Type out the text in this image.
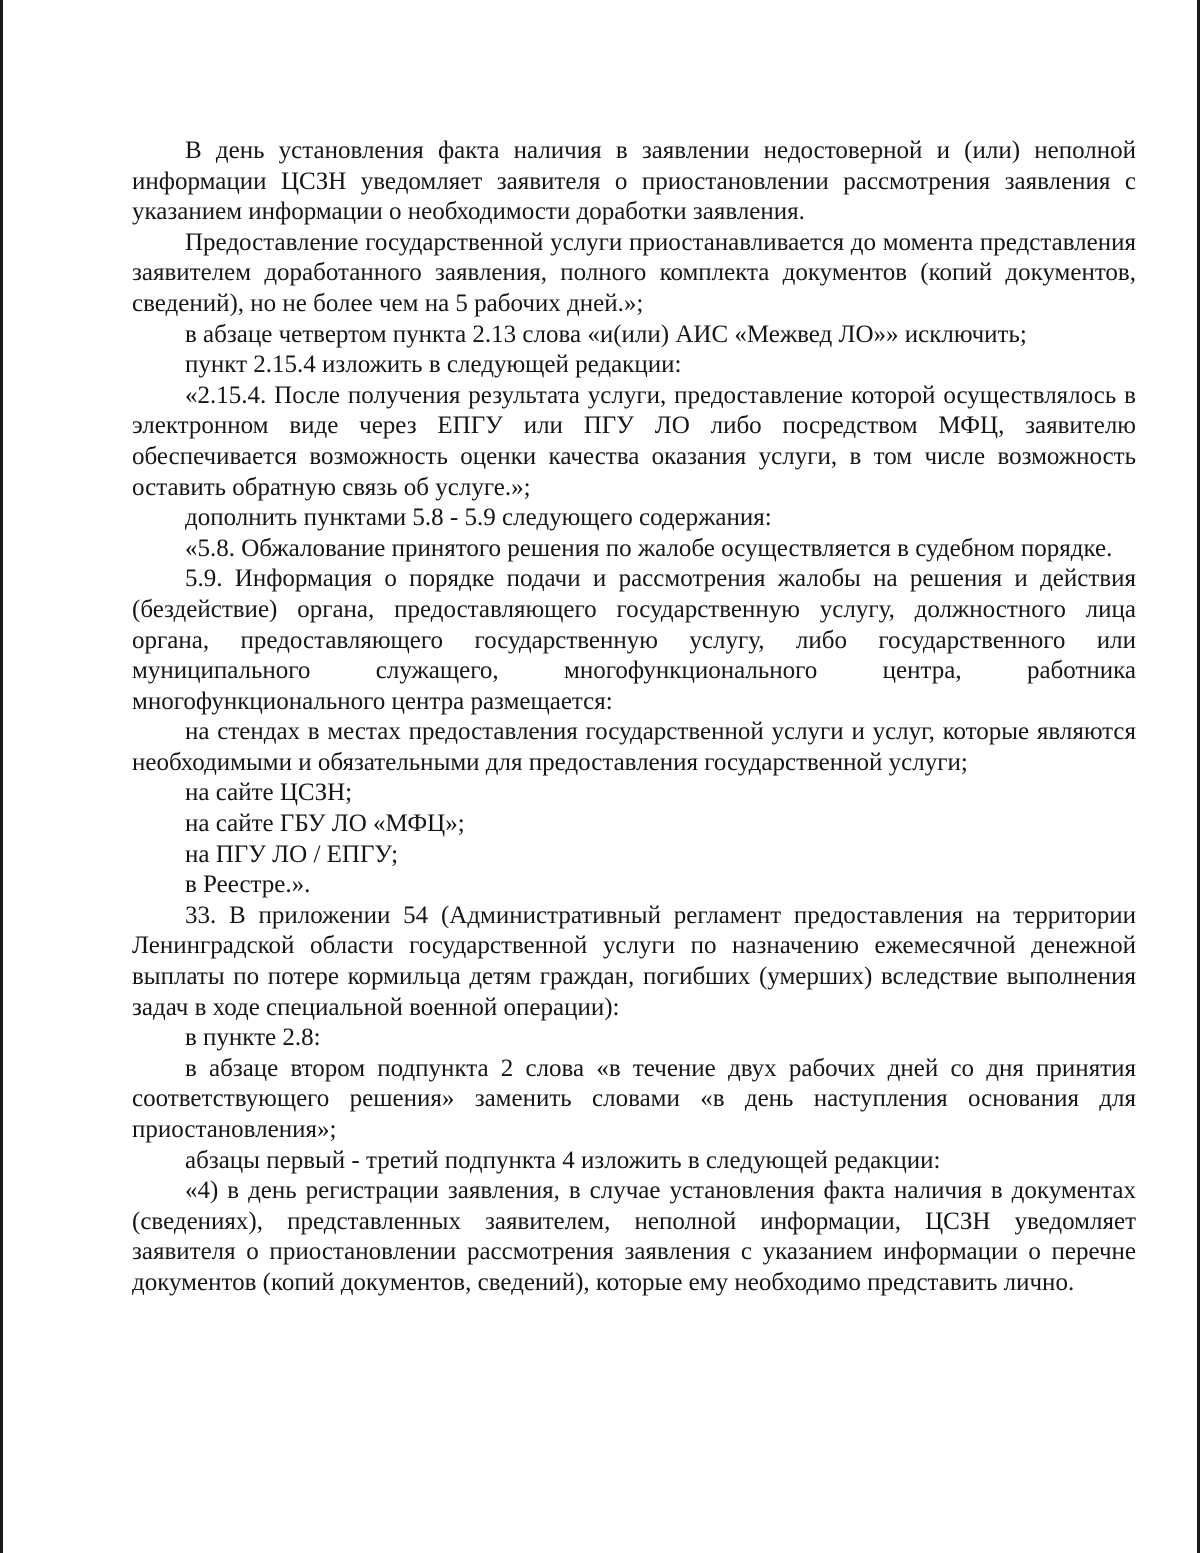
В день установления факта наличия в заявлении недостоверной и (или) неполной информации ЦСЗН уведомляет заявителя о приостановлении рассмотрения заявления с указанием информации о необходимости доработки заявления.

Предоставление государственной услуги приостанавливается до момента представления заявителем доработанного заявления, полного комплекта документов (копий документов, сведений), но не более чем на 5 рабочих дней.»;

в абзаце четвертом пункта 2.13 слова «и(или) АИС «Межвед ЛО»» исключить;

пункт 2.15.4 изложить в следующей редакции:

«2.15.4. После получения результата услуги, предоставление которой осуществлялось в электронном виде через ЕПГУ или ПГУ ЛО либо посредством МФЦ, заявителю обеспечивается возможность оценки качества оказания услуги, в том числе возможность оставить обратную связь об услуге.»;

дополнить пунктами 5.8 - 5.9 следующего содержания:

«5.8. Обжалование принятого решения по жалобе осуществляется в судебном порядке.

5.9. Информация о порядке подачи и рассмотрения жалобы на решения и действия (бездействие) органа, предоставляющего государственную услугу, должностного лица органа, предоставляющего государственную услугу, либо государственного или муниципального служащего, многофункционального центра, работника многофункционального центра размещается:

на стендах в местах предоставления государственной услуги и услуг, которые являются необходимыми и обязательными для предоставления государственной услуги;

на сайте ЦСЗН;

на сайте ГБУ ЛО «МФЦ»;

на ПГУ ЛО / ЕПГУ;

в Реестре.».

33. В приложении 54 (Административный регламент предоставления на территории Ленинградской области государственной услуги по назначению ежемесячной денежной выплаты по потере кормильца детям граждан, погибших (умерших) вследствие выполнения задач в ходе специальной военной операции):

в пункте 2.8:

в абзаце втором подпункта 2 слова «в течение двух рабочих дней со дня принятия соответствующего решения» заменить словами «в день наступления основания для приостановления»;

абзацы первый - третий подпункта 4 изложить в следующей редакции:

«4) в день регистрации заявления, в случае установления факта наличия в документах (сведениях), представленных заявителем, неполной информации, ЦСЗН уведомляет заявителя о приостановлении рассмотрения заявления с указанием информации о перечне документов (копий документов, сведений), которые ему необходимо представить лично.
